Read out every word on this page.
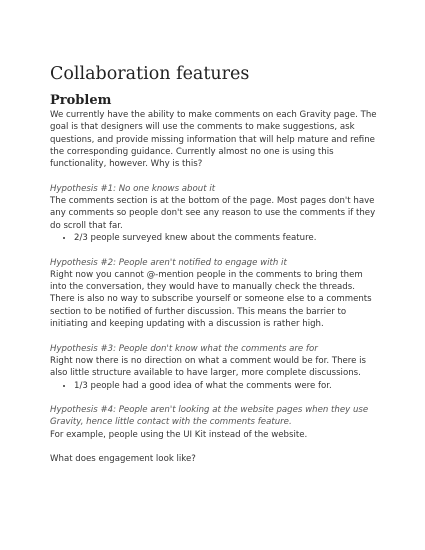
Collaboration features
Problem

We currently have the ability to make comments on each Gravity page. The goal is that designers will use the comments to make suggestions, ask questions, and provide missing information that will help mature and refine the corresponding guidance. Currently almost no one is using this functionality, however. Why is this?

Hypothesis #1: No one knows about it

The comments section is at the bottom of the page. Most pages don't have any comments so people don't see any reason to use the comments if they do scroll that far.

• 2/3 people surveyed knew about the comments feature.

Hypothesis #2: People aren't notified to engage with it

Right now you cannot @-mention people in the comments to bring them into the conversation, they would have to manually check the threads. There is also no way to subscribe yourself or someone else to a comments section to be notified of further discussion. This means the barrier to initiating and keeping updating with a discussion is rather high.

Hypothesis #3: People don't know what the comments are for

Right now there is no direction on what a comment would be for. There is also little structure available to have larger, more complete discussions.

• 1/3 people had a good idea of what the comments were for.

Hypothesis #4: People aren't looking at the website pages when they use Gravity, hence little contact with the comments feature.

For example, people using the UI Kit instead of the website.

What does engagement look like?
